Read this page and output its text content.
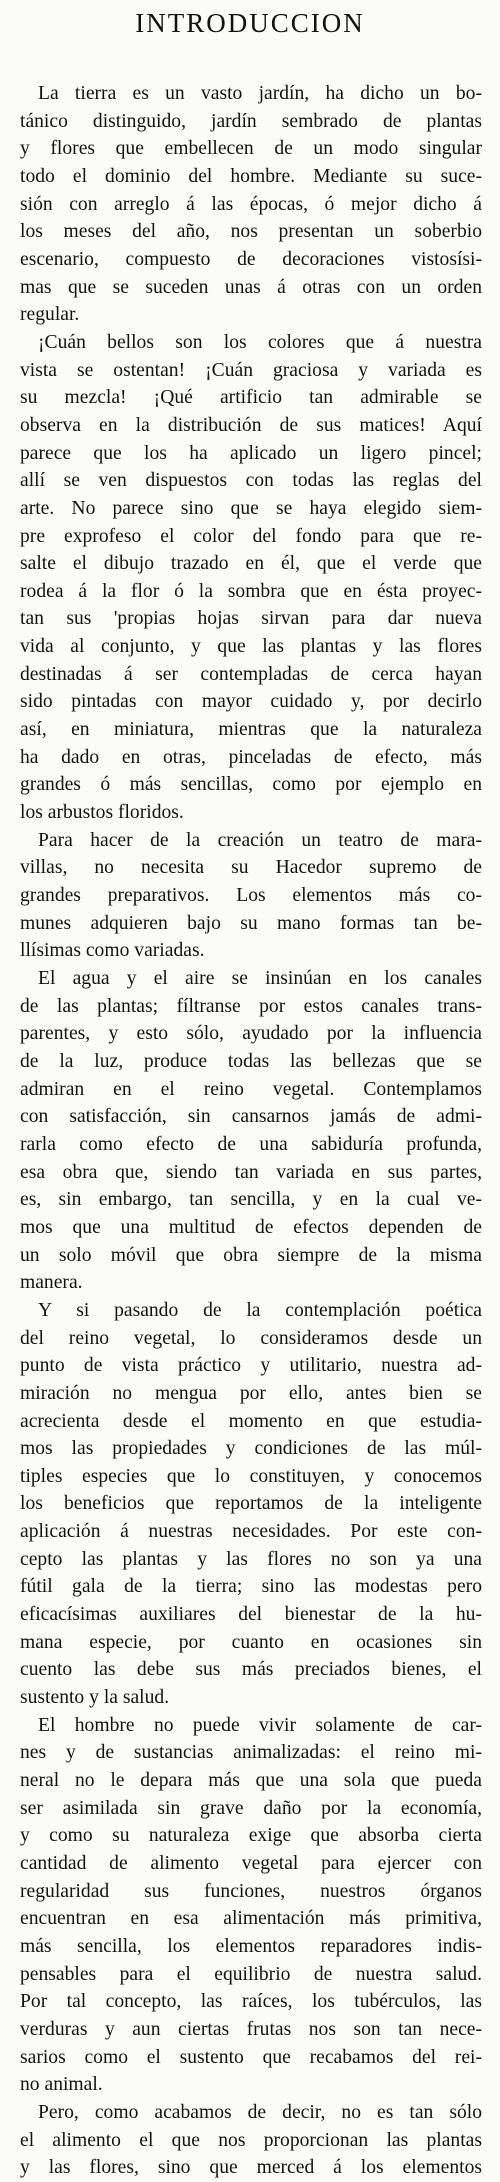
INTRODUCCION
La tierra es un vasto jardín, ha dicho un bo-
tánico distinguido, jardín sembrado de plantas
y flores que embellecen de un modo singular
todo el dominio del hombre. Mediante su suce-
sión con arreglo á las épocas, ó mejor dicho á
los meses del año, nos presentan un soberbio
escenario, compuesto de decoraciones vistosísi-
mas que se suceden unas á otras con un orden
regular.
¡Cuán bellos son los colores que á nuestra
vista se ostentan! ¡Cuán graciosa y variada es
su mezcla! ¡Qué artificio tan admirable se
observa en la distribución de sus matices! Aquí
parece que los ha aplicado un ligero pincel;
allí se ven dispuestos con todas las reglas del
arte. No parece sino que se haya elegido siem-
pre exprofeso el color del fondo para que re-
salte el dibujo trazado en él, que el verde que
rodea á la flor ó la sombra que en ésta proyec-
tan sus 'propias hojas sirvan para dar nueva
vida al conjunto, y que las plantas y las flores
destinadas á ser contempladas de cerca hayan
sido pintadas con mayor cuidado y, por decirlo
así, en miniatura, mientras que la naturaleza
ha dado en otras, pinceladas de efecto, más
grandes ó más sencillas, como por ejemplo en
los arbustos floridos.
Para hacer de la creación un teatro de mara-
villas, no necesita su Hacedor supremo de
grandes preparativos. Los elementos más co-
munes adquieren bajo su mano formas tan be-
llísimas como variadas.
El agua y el aire se insinúan en los canales
de las plantas; fíltranse por estos canales trans-
parentes, y esto sólo, ayudado por la influencia
de la luz, produce todas las bellezas que se
admiran en el reino vegetal. Contemplamos
con satisfacción, sin cansarnos jamás de admi-
rarla como efecto de una sabiduría profunda,
esa obra que, siendo tan variada en sus partes,
es, sin embargo, tan sencilla, y en la cual ve-
mos que una multitud de efectos dependen de
un solo móvil que obra siempre de la misma
manera.
Y si pasando de la contemplación poética
del reino vegetal, lo consideramos desde un
punto de vista práctico y utilitario, nuestra ad-
miración no mengua por ello, antes bien se
acrecienta desde el momento en que estudia-
mos las propiedades y condiciones de las múl-
tiples especies que lo constituyen, y conocemos
los beneficios que reportamos de la inteligente
aplicación á nuestras necesidades. Por este con-
cepto las plantas y las flores no son ya una
fútil gala de la tierra; sino las modestas pero
eficacísimas auxiliares del bienestar de la hu-
mana especie, por cuanto en ocasiones sin
cuento las debe sus más preciados bienes, el
sustento y la salud.
El hombre no puede vivir solamente de car-
nes y de sustancias animalizadas: el reino mi-
neral no le depara más que una sola que pueda
ser asimilada sin grave daño por la economía,
y como su naturaleza exige que absorba cierta
cantidad de alimento vegetal para ejercer con
regularidad sus funciones, nuestros órganos
encuentran en esa alimentación más primitiva,
más sencilla, los elementos reparadores indis-
pensables para el equilibrio de nuestra salud.
Por tal concepto, las raíces, los tubérculos, las
verduras y aun ciertas frutas nos son tan nece-
sarios como el sustento que recabamos del rei-
no animal.
Pero, como acabamos de decir, no es tan sólo
el alimento el que nos proporcionan las plantas
y las flores, sino que merced á los elementos
